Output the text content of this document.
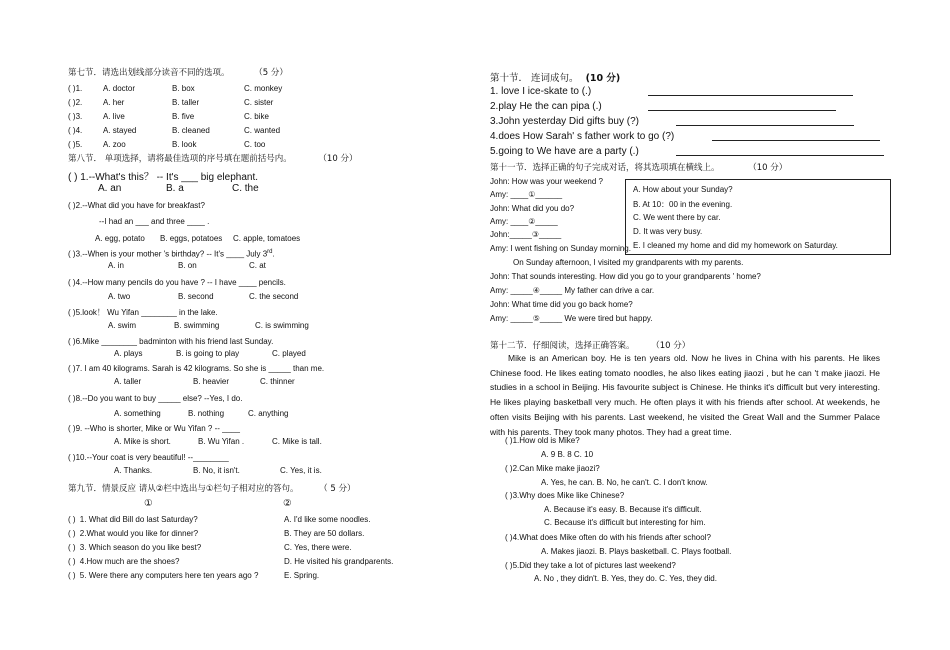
第七节．请选出划线部分读音不同的选项。	（5 分）
( )1.	A. doctor	B. box	C. monkey
( )2.	A. her	B. taller	C. sister
( )3.	A. live	B. five	C. bike
( )4.	A. stayed	B. cleaned	C. wanted
( )5.	A. zoo	B. look	C. too
第八节． 单项选择，请将最佳选项的序号填在题前括号内。	（10 分）
( ) 1.--What's this？ -- It's ___ big elephant.
A. an	B. a	C. the
( )2.--What did you have for breakfast?
--I had an ___ and three ____ .
A. egg, potato B. eggs, potatoes C. apple, tomatoes
( )3.--When is your mother 's birthday? -- It's ____ July 3rd.
A. in	B. on	C. at
( )4.--How many pencils do you have ? -- I have ____ pencils.
A. two	B. second	C. the second
( )5.look！ Wu Yifan ________ in the lake.
A. swim	B. swimming	C. is swimming
( )6.Mike ________ badminton with his friend last Sunday.
A. plays	B. is going to play	C. played
( )7. I am 40 kilograms. Sarah is 42 kilograms. So she is _____ than me.
A. taller	B. heavier	C. thinner
( )8.--Do you want to buy _____ else? --Yes, I do.
A. something	B. nothing	C. anything
( )9. --Who is shorter, Mike or Wu Yifan ? -- ____
A. Mike is short.	B. Wu Yifan .	C. Mike is tall.
( )10.--Your coat is very beautiful! --________
A. Thanks.	B. No, it isn't.	C. Yes, it is.
第九节．情景反应 请从②栏中选出与①栏句子相对应的答句。 （ 5 分）
①	②
( ) 1. What did Bill do last Saturday?	A. I'd like some noodles.
( ) 2.What would you like for dinner?	B. They are 50 dollars.
( ) 3. Which season do you like best?	C. Yes, there were.
( ) 4.How much are the shoes?	D. He visited his grandparents.
( ) 5. Were there any computers here ten years ago ?	E. Spring.
第十节． 连词成句。 (10 分)
1. love I ice-skate to (.)
2.play He the can pipa (.)
3.John yesterday Did gifts buy (?)
4.does How Sarah' s father work to go (?)
5.going to We have are a party (.)
第十一节．选择正确的句子完成对话，将其选项填在横线上。	（10 分）
John: How was your weekend ?
Amy: ____①______
John: What did you do?
Amy: ____②_____
John:_____③_____
Amy: I went fishing on Sunday morning.
On Sunday afternoon, I visited my grandparents with my parents.
John: That sounds interesting. How did you go to your grandparents ' home?
Amy: _____④_____ My father can drive a car.
John: What time did you go back home?
Amy: _____⑤_____ We were tired but happy.
A. How about your Sunday?
B. At 10：00 in the evening.
C. We went there by car.
D. It was very busy.
E. I cleaned my home and did my homework on Saturday.
第十二节．仔细阅读，选择正确答案。 （10 分）
Mike is an American boy. He is ten years old. Now he lives in China with his parents. He likes Chinese food. He likes eating tomato noodles, he also likes eating jiaozi , but he can 't make jiaozi. He studies in a school in Beijing. His favourite subject is Chinese. He thinks it's difficult but very interesting. He likes playing basketball very much. He often plays it with his friends after school. At weekends, he often visits Beijing with his parents. Last weekend, he visited the Great Wall and the Summer Palace with his parents. They took many photos. They had a great time.
( )1.How old is Mike?
A. 9 B. 8 C. 10
( )2.Can Mike make jiaozi?
A. Yes, he can. B. No, he can't. C. I don't know.
( )3.Why does Mike like Chinese?
A. Because it's easy. B. Because it's difficult.
C. Because it's difficult but interesting for him.
( )4.What does Mike often do with his friends after school?
A. Makes jiaozi. B. Plays basketball. C. Plays football.
( )5.Did they take a lot of pictures last weekend?
A. No , they didn't. B. Yes, they do. C. Yes, they did.
